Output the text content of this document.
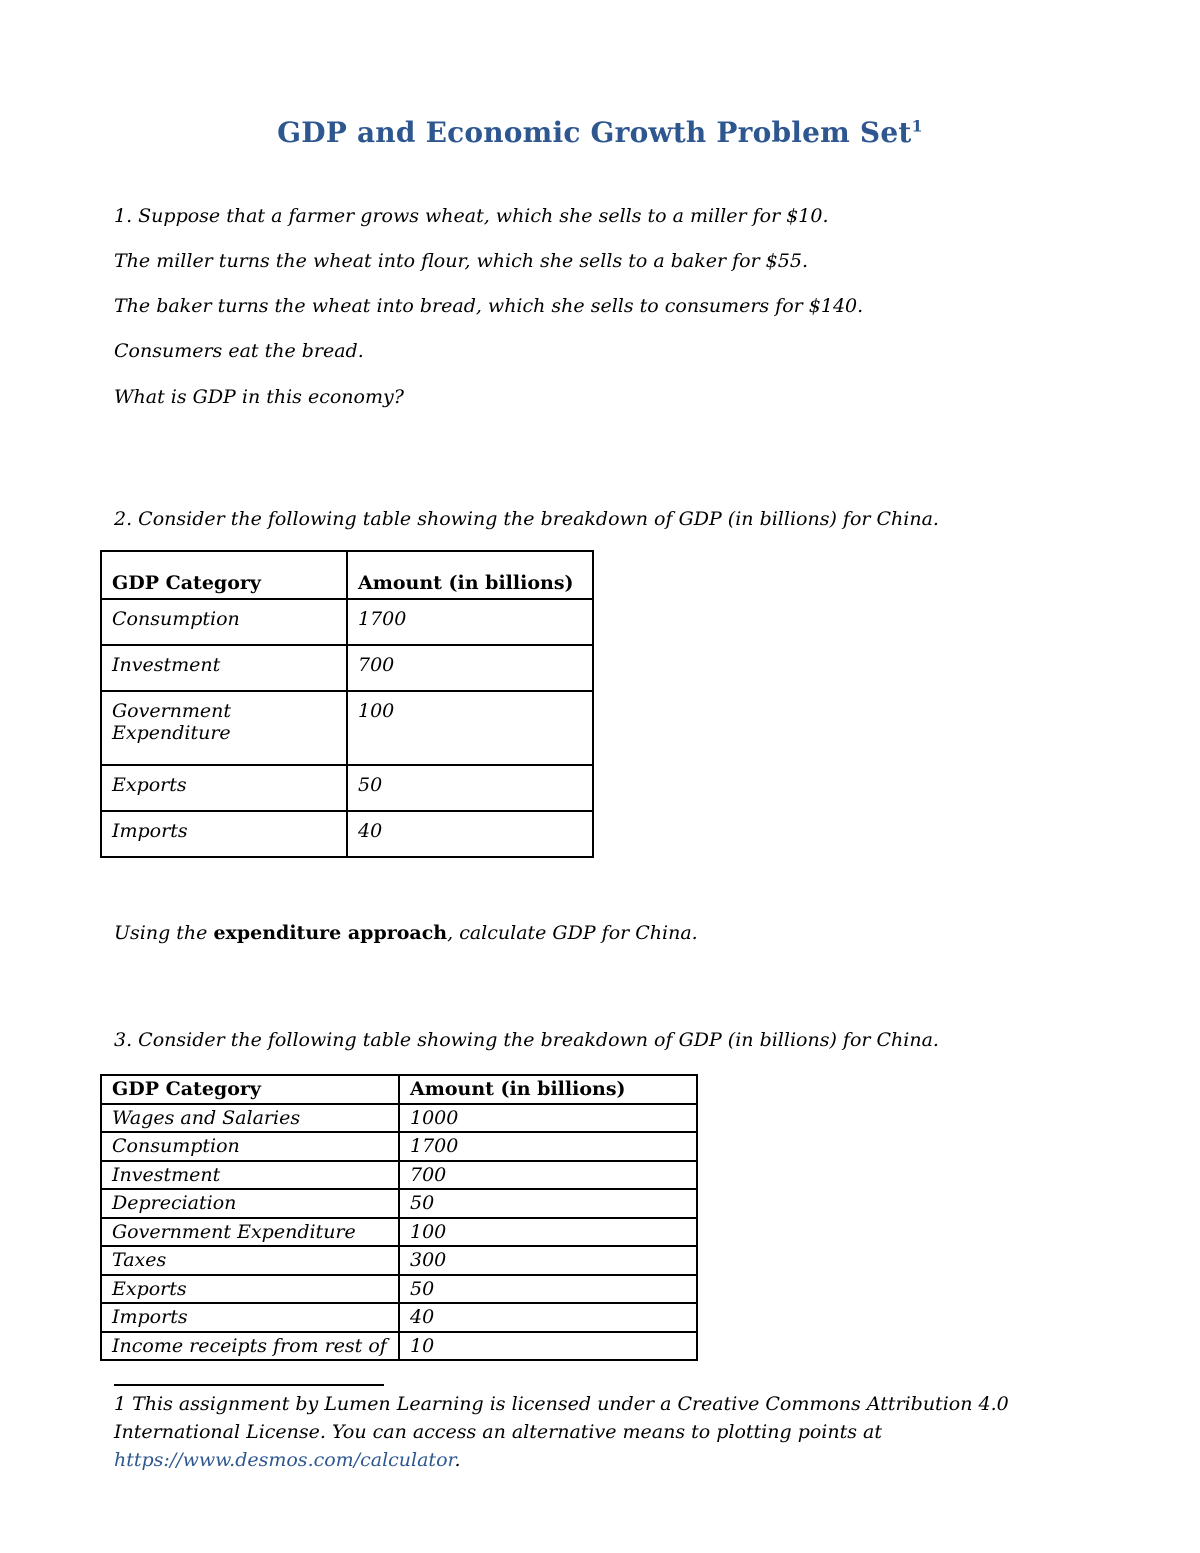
GDP and Economic Growth Problem Set$^1$
1. Suppose that a farmer grows wheat, which she sells to a miller for $10.
The miller turns the wheat into flour, which she sells to a baker for $55.
The baker turns the wheat into bread, which she sells to consumers for $140.
Consumers eat the bread.
What is GDP in this economy?
2. Consider the following table showing the breakdown of GDP (in billions) for China.
GDP Category	Amount (in billions)
Consumption	1700
Investment	700
Government Expenditure	100
Exports	50
Imports	40
Using the expenditure approach, calculate GDP for China.
3. Consider the following table showing the breakdown of GDP (in billions) for China.
GDP Category	Amount (in billions)
Wages and Salaries	1000
Consumption	1700
Investment	700
Depreciation	50
Government Expenditure	100
Taxes	300
Exports	50
Imports	40
Income receipts from rest of	10
1 This assignment by Lumen Learning is licensed under a Creative Commons Attribution 4.0
International License. You can access an alternative means to plotting points at
https://www.desmos.com/calculator.
